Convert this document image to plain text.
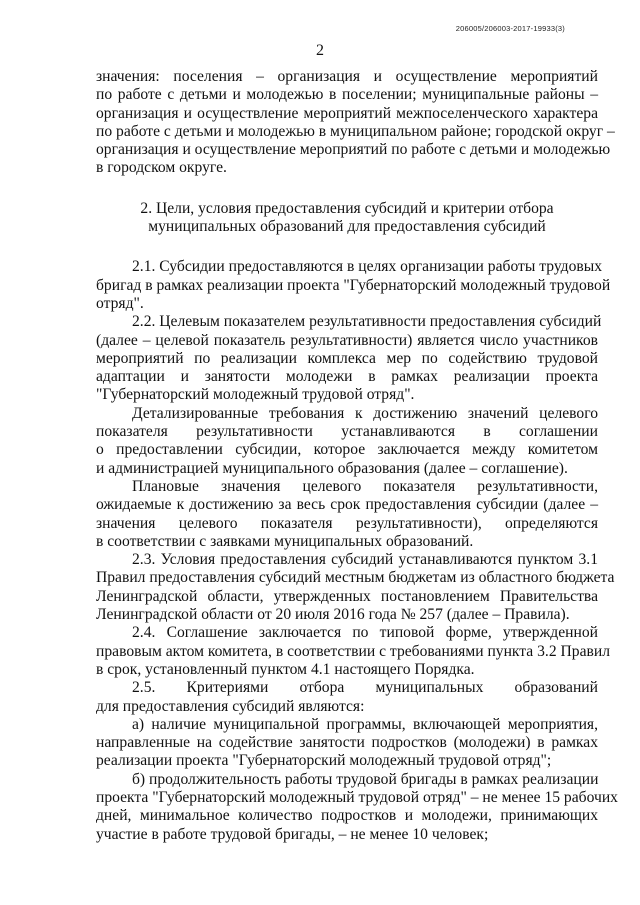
206005/206003-2017-19933(3)
2
значения: поселения – организация и осуществление мероприятий
по работе с детьми и молодежью в поселении; муниципальные районы –
организация и осуществление мероприятий межпоселенческого характера
по работе с детьми и молодежью в муниципальном районе; городской округ –
организация и осуществление мероприятий по работе с детьми и молодежью
в городском округе.
2. Цели, условия предоставления субсидий и критерии отбора
муниципальных образований для предоставления субсидий
2.1. Субсидии предоставляются в целях организации работы трудовых
бригад в рамках реализации проекта "Губернаторский молодежный трудовой
отряд".
2.2. Целевым показателем результативности предоставления субсидий
(далее – целевой показатель результативности) является число участников
мероприятий по реализации комплекса мер по содействию трудовой
адаптации и занятости молодежи в рамках реализации проекта
"Губернаторский молодежный трудовой отряд".
Детализированные требования к достижению значений целевого
показателя результативности устанавливаются в соглашении
о предоставлении субсидии, которое заключается между комитетом
и администрацией муниципального образования (далее – соглашение).
Плановые значения целевого показателя результативности,
ожидаемые к достижению за весь срок предоставления субсидии (далее –
значения целевого показателя результативности), определяются
в соответствии с заявками муниципальных образований.
2.3. Условия предоставления субсидий устанавливаются пунктом 3.1
Правил предоставления субсидий местным бюджетам из областного бюджета
Ленинградской области, утвержденных постановлением Правительства
Ленинградской области от 20 июля 2016 года № 257 (далее – Правила).
2.4. Соглашение заключается по типовой форме, утвержденной
правовым актом комитета, в соответствии с требованиями пункта 3.2 Правил
в срок, установленный пунктом 4.1 настоящего Порядка.
2.5. Критериями отбора муниципальных образований
для предоставления субсидий являются:
а) наличие муниципальной программы, включающей мероприятия,
направленные на содействие занятости подростков (молодежи) в рамках
реализации проекта "Губернаторский молодежный трудовой отряд";
б) продолжительность работы трудовой бригады в рамках реализации
проекта "Губернаторский молодежный трудовой отряд" – не менее 15 рабочих
дней, минимальное количество подростков и молодежи, принимающих
участие в работе трудовой бригады, – не менее 10 человек;
